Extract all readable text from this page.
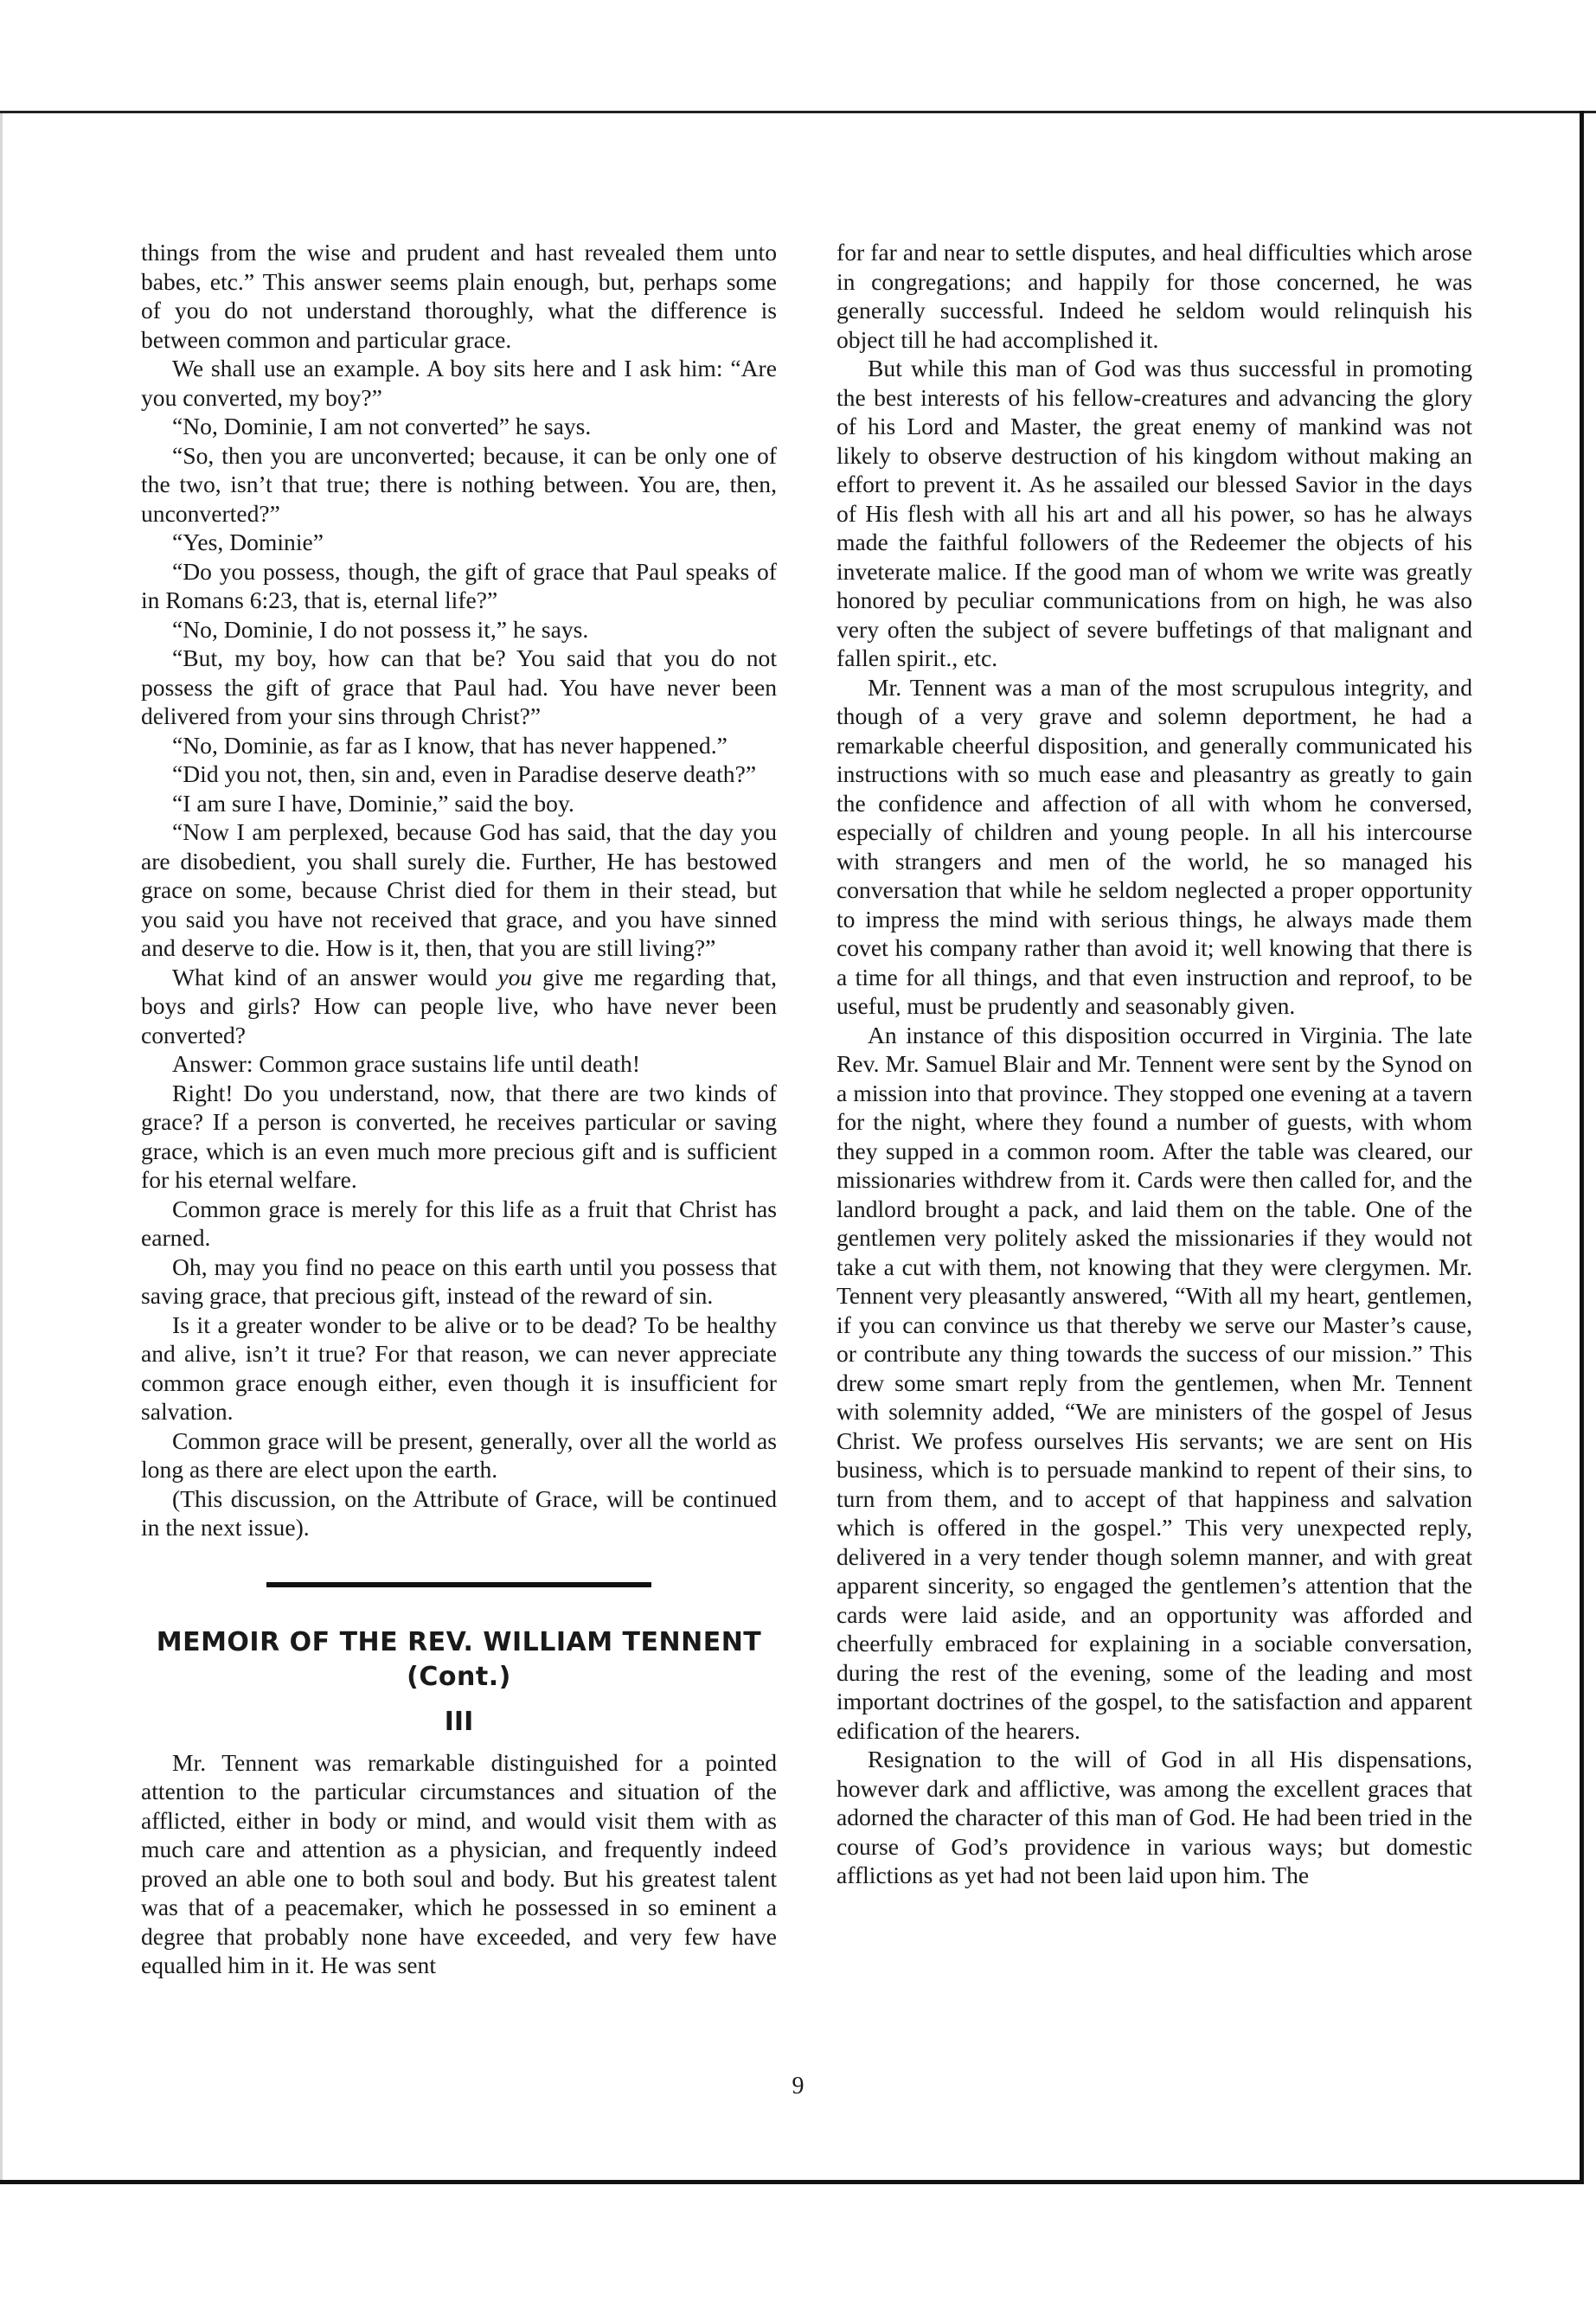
things from the wise and prudent and hast revealed them unto babes, etc.” This answer seems plain enough, but, perhaps some of you do not understand thoroughly, what the difference is between common and particular grace.

We shall use an example. A boy sits here and I ask him: “Are you converted, my boy?”

“No, Dominie, I am not converted” he says.

“So, then you are unconverted; because, it can be only one of the two, isn’t that true; there is nothing between. You are, then, unconverted?”

“Yes, Dominie”

“Do you possess, though, the gift of grace that Paul speaks of in Romans 6:23, that is, eternal life?”

“No, Dominie, I do not possess it,” he says.

“But, my boy, how can that be? You said that you do not possess the gift of grace that Paul had. You have never been delivered from your sins through Christ?”

“No, Dominie, as far as I know, that has never happened.”

“Did you not, then, sin and, even in Paradise deserve death?”

“I am sure I have, Dominie,” said the boy.

“Now I am perplexed, because God has said, that the day you are disobedient, you shall surely die. Further, He has bestowed grace on some, because Christ died for them in their stead, but you said you have not received that grace, and you have sinned and deserve to die. How is it, then, that you are still living?”

What kind of an answer would you give me regarding that, boys and girls? How can people live, who have never been converted?

Answer: Common grace sustains life until death!

Right! Do you understand, now, that there are two kinds of grace? If a person is converted, he receives particular or saving grace, which is an even much more precious gift and is sufficient for his eternal welfare.

Common grace is merely for this life as a fruit that Christ has earned.

Oh, may you find no peace on this earth until you possess that saving grace, that precious gift, instead of the reward of sin.

Is it a greater wonder to be alive or to be dead? To be healthy and alive, isn’t it true? For that reason, we can never appreciate common grace enough either, even though it is insufficient for salvation.

Common grace will be present, generally, over all the world as long as there are elect upon the earth.

(This discussion, on the Attribute of Grace, will be continued in the next issue).

MEMOIR OF THE REV. WILLIAM TENNENT (Cont.)
III

Mr. Tennent was remarkable distinguished for a pointed attention to the particular circumstances and situation of the afflicted, either in body or mind, and would visit them with as much care and attention as a physician, and frequently indeed proved an able one to both soul and body. But his greatest talent was that of a peacemaker, which he possessed in so eminent a degree that probably none have exceeded, and very few have equalled him in it. He was sent

for far and near to settle disputes, and heal difficulties which arose in congregations; and happily for those concerned, he was generally successful. Indeed he seldom would relinquish his object till he had accomplished it.

But while this man of God was thus successful in promoting the best interests of his fellow-creatures and advancing the glory of his Lord and Master, the great enemy of mankind was not likely to observe destruction of his kingdom without making an effort to prevent it. As he assailed our blessed Savior in the days of His flesh with all his art and all his power, so has he always made the faithful followers of the Redeemer the objects of his inveterate malice. If the good man of whom we write was greatly honored by peculiar communications from on high, he was also very often the subject of severe buffetings of that malignant and fallen spirit., etc.

Mr. Tennent was a man of the most scrupulous integrity, and though of a very grave and solemn deportment, he had a remarkable cheerful disposition, and generally communicated his instructions with so much ease and pleasantry as greatly to gain the confidence and affection of all with whom he conversed, especially of children and young people. In all his intercourse with strangers and men of the world, he so managed his conversation that while he seldom neglected a proper opportunity to impress the mind with serious things, he always made them covet his company rather than avoid it; well knowing that there is a time for all things, and that even instruction and reproof, to be useful, must be prudently and seasonably given.

An instance of this disposition occurred in Virginia. The late Rev. Mr. Samuel Blair and Mr. Tennent were sent by the Synod on a mission into that province. They stopped one evening at a tavern for the night, where they found a number of guests, with whom they supped in a common room. After the table was cleared, our missionaries withdrew from it. Cards were then called for, and the landlord brought a pack, and laid them on the table. One of the gentlemen very politely asked the missionaries if they would not take a cut with them, not knowing that they were clergymen. Mr. Tennent very pleasantly answered, “With all my heart, gentlemen, if you can convince us that thereby we serve our Master’s cause, or contribute any thing towards the success of our mission.” This drew some smart reply from the gentlemen, when Mr. Tennent with solemnity added, “We are ministers of the gospel of Jesus Christ. We profess ourselves His servants; we are sent on His business, which is to persuade mankind to repent of their sins, to turn from them, and to accept of that happiness and salvation which is offered in the gospel.” This very unexpected reply, delivered in a very tender though solemn manner, and with great apparent sincerity, so engaged the gentlemen’s attention that the cards were laid aside, and an opportunity was afforded and cheerfully embraced for explaining in a sociable conversation, during the rest of the evening, some of the leading and most important doctrines of the gospel, to the satisfaction and apparent edification of the hearers.

Resignation to the will of God in all His dispensations, however dark and afflictive, was among the excellent graces that adorned the character of this man of God. He had been tried in the course of God’s providence in various ways; but domestic afflictions as yet had not been laid upon him. The

9
